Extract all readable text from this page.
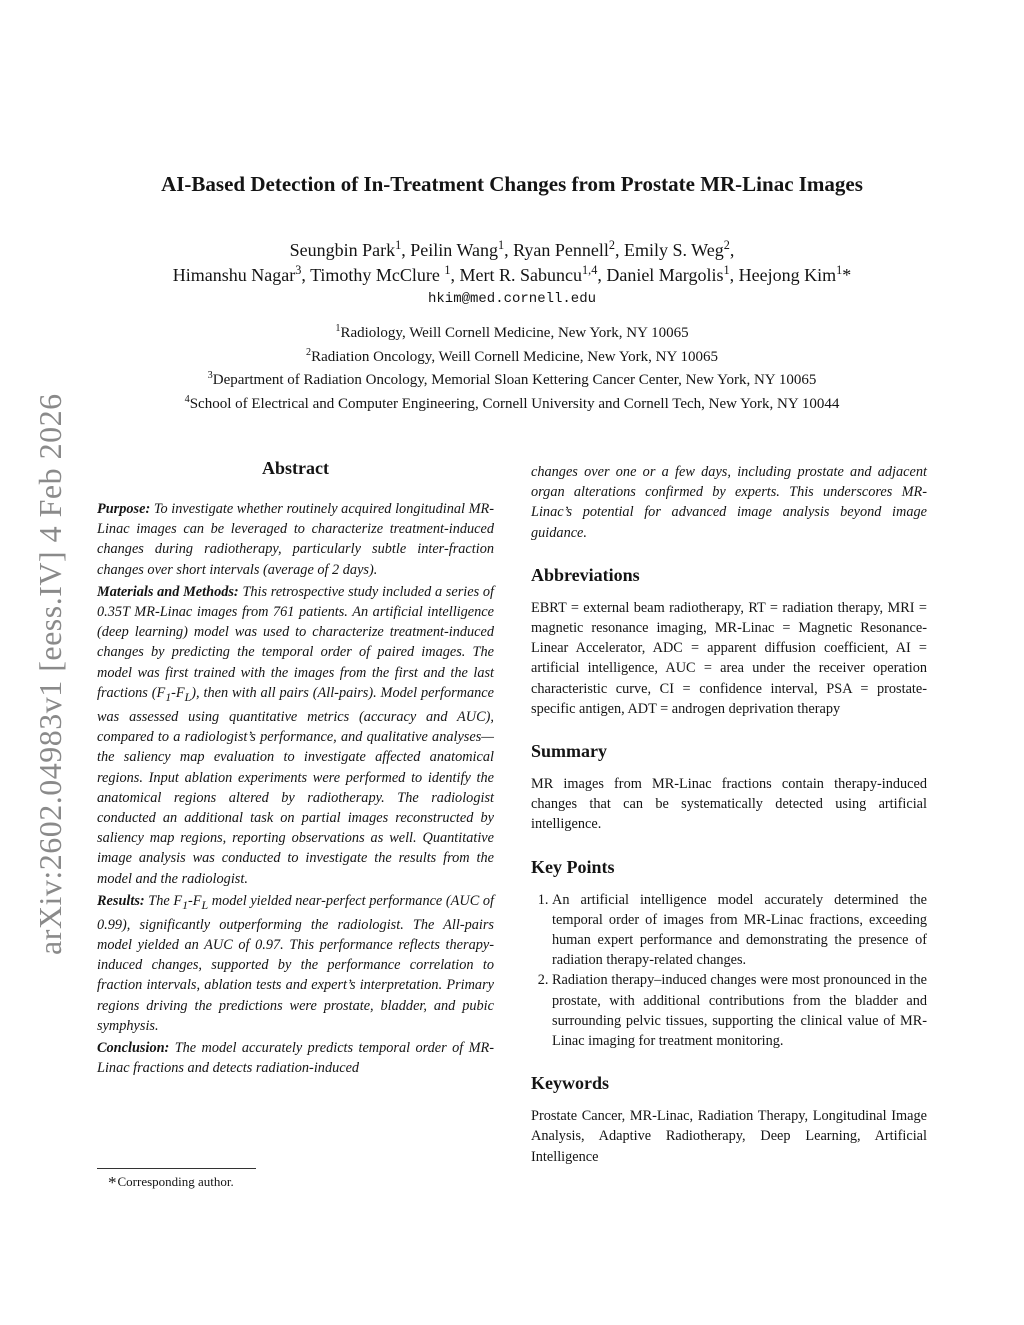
arXiv:2602.04983v1 [eess.IV] 4 Feb 2026
AI-Based Detection of In-Treatment Changes from Prostate MR-Linac Images
Seungbin Park$^1$, Peilin Wang$^1$, Ryan Pennell$^2$, Emily S. Weg$^2$,
Himanshu Nagar$^3$, Timothy McClure $^1$, Mert R. Sabuncu$^{1,4}$, Daniel Margolis$^1$, Heejong Kim$^1$*
hkim@med.cornell.edu
$^1$Radiology, Weill Cornell Medicine, New York, NY 10065
$^2$Radiation Oncology, Weill Cornell Medicine, New York, NY 10065
$^3$Department of Radiation Oncology, Memorial Sloan Kettering Cancer Center, New York, NY 10065
$^4$School of Electrical and Computer Engineering, Cornell University and Cornell Tech, New York, NY 10044
Abstract

Purpose: To investigate whether routinely acquired longitudinal MR-Linac images can be leveraged to characterize treatment-induced changes during radiotherapy, particularly subtle inter-fraction changes over short intervals (average of 2 days).

Materials and Methods: This retrospective study included a series of 0.35T MR-Linac images from 761 patients. An artificial intelligence (deep learning) model was used to characterize treatment-induced changes by predicting the temporal order of paired images. The model was first trained with the images from the first and the last fractions $(F_1-F_L)$, then with all pairs (All-pairs). Model performance was assessed using quantitative metrics (accuracy and AUC), compared to a radiologist’s performance, and qualitative analyses—the saliency map evaluation to investigate affected anatomical regions. Input ablation experiments were performed to identify the anatomical regions altered by radiotherapy. The radiologist conducted an additional task on partial images reconstructed by saliency map regions, reporting observations as well. Quantitative image analysis was conducted to investigate the results from the model and the radiologist.

Results: The $F_1-F_L$ model yielded near-perfect performance (AUC of 0.99), significantly outperforming the radiologist. The All-pairs model yielded an AUC of 0.97. This performance reflects therapy-induced changes, supported by the performance correlation to fraction intervals, ablation tests and expert’s interpretation. Primary regions driving the predictions were prostate, bladder, and pubic symphysis.

Conclusion: The model accurately predicts temporal order of MR-Linac fractions and detects radiation-induced

*Corresponding author.

changes over one or a few days, including prostate and adjacent organ alterations confirmed by experts. This underscores MR-Linac’s potential for advanced image analysis beyond image guidance.

Abbreviations

EBRT = external beam radiotherapy, RT = radiation therapy, MRI = magnetic resonance imaging, MR-Linac = Magnetic Resonance-Linear Accelerator, ADC = apparent diffusion coefficient, AI = artificial intelligence, AUC = area under the receiver operation characteristic curve, CI = confidence interval, PSA = prostate-specific antigen, ADT = androgen deprivation therapy

Summary

MR images from MR-Linac fractions contain therapy-induced changes that can be systematically detected using artificial intelligence.

Key Points
1. An artificial intelligence model accurately determined the temporal order of images from MR-Linac fractions, exceeding human expert performance and demonstrating the presence of radiation therapy-related changes.
2. Radiation therapy–induced changes were most pronounced in the prostate, with additional contributions from the bladder and surrounding pelvic tissues, supporting the clinical value of MR-Linac imaging for treatment monitoring.
Keywords

Prostate Cancer, MR-Linac, Radiation Therapy, Longitudinal Image Analysis, Adaptive Radiotherapy, Deep Learning, Artificial Intelligence
